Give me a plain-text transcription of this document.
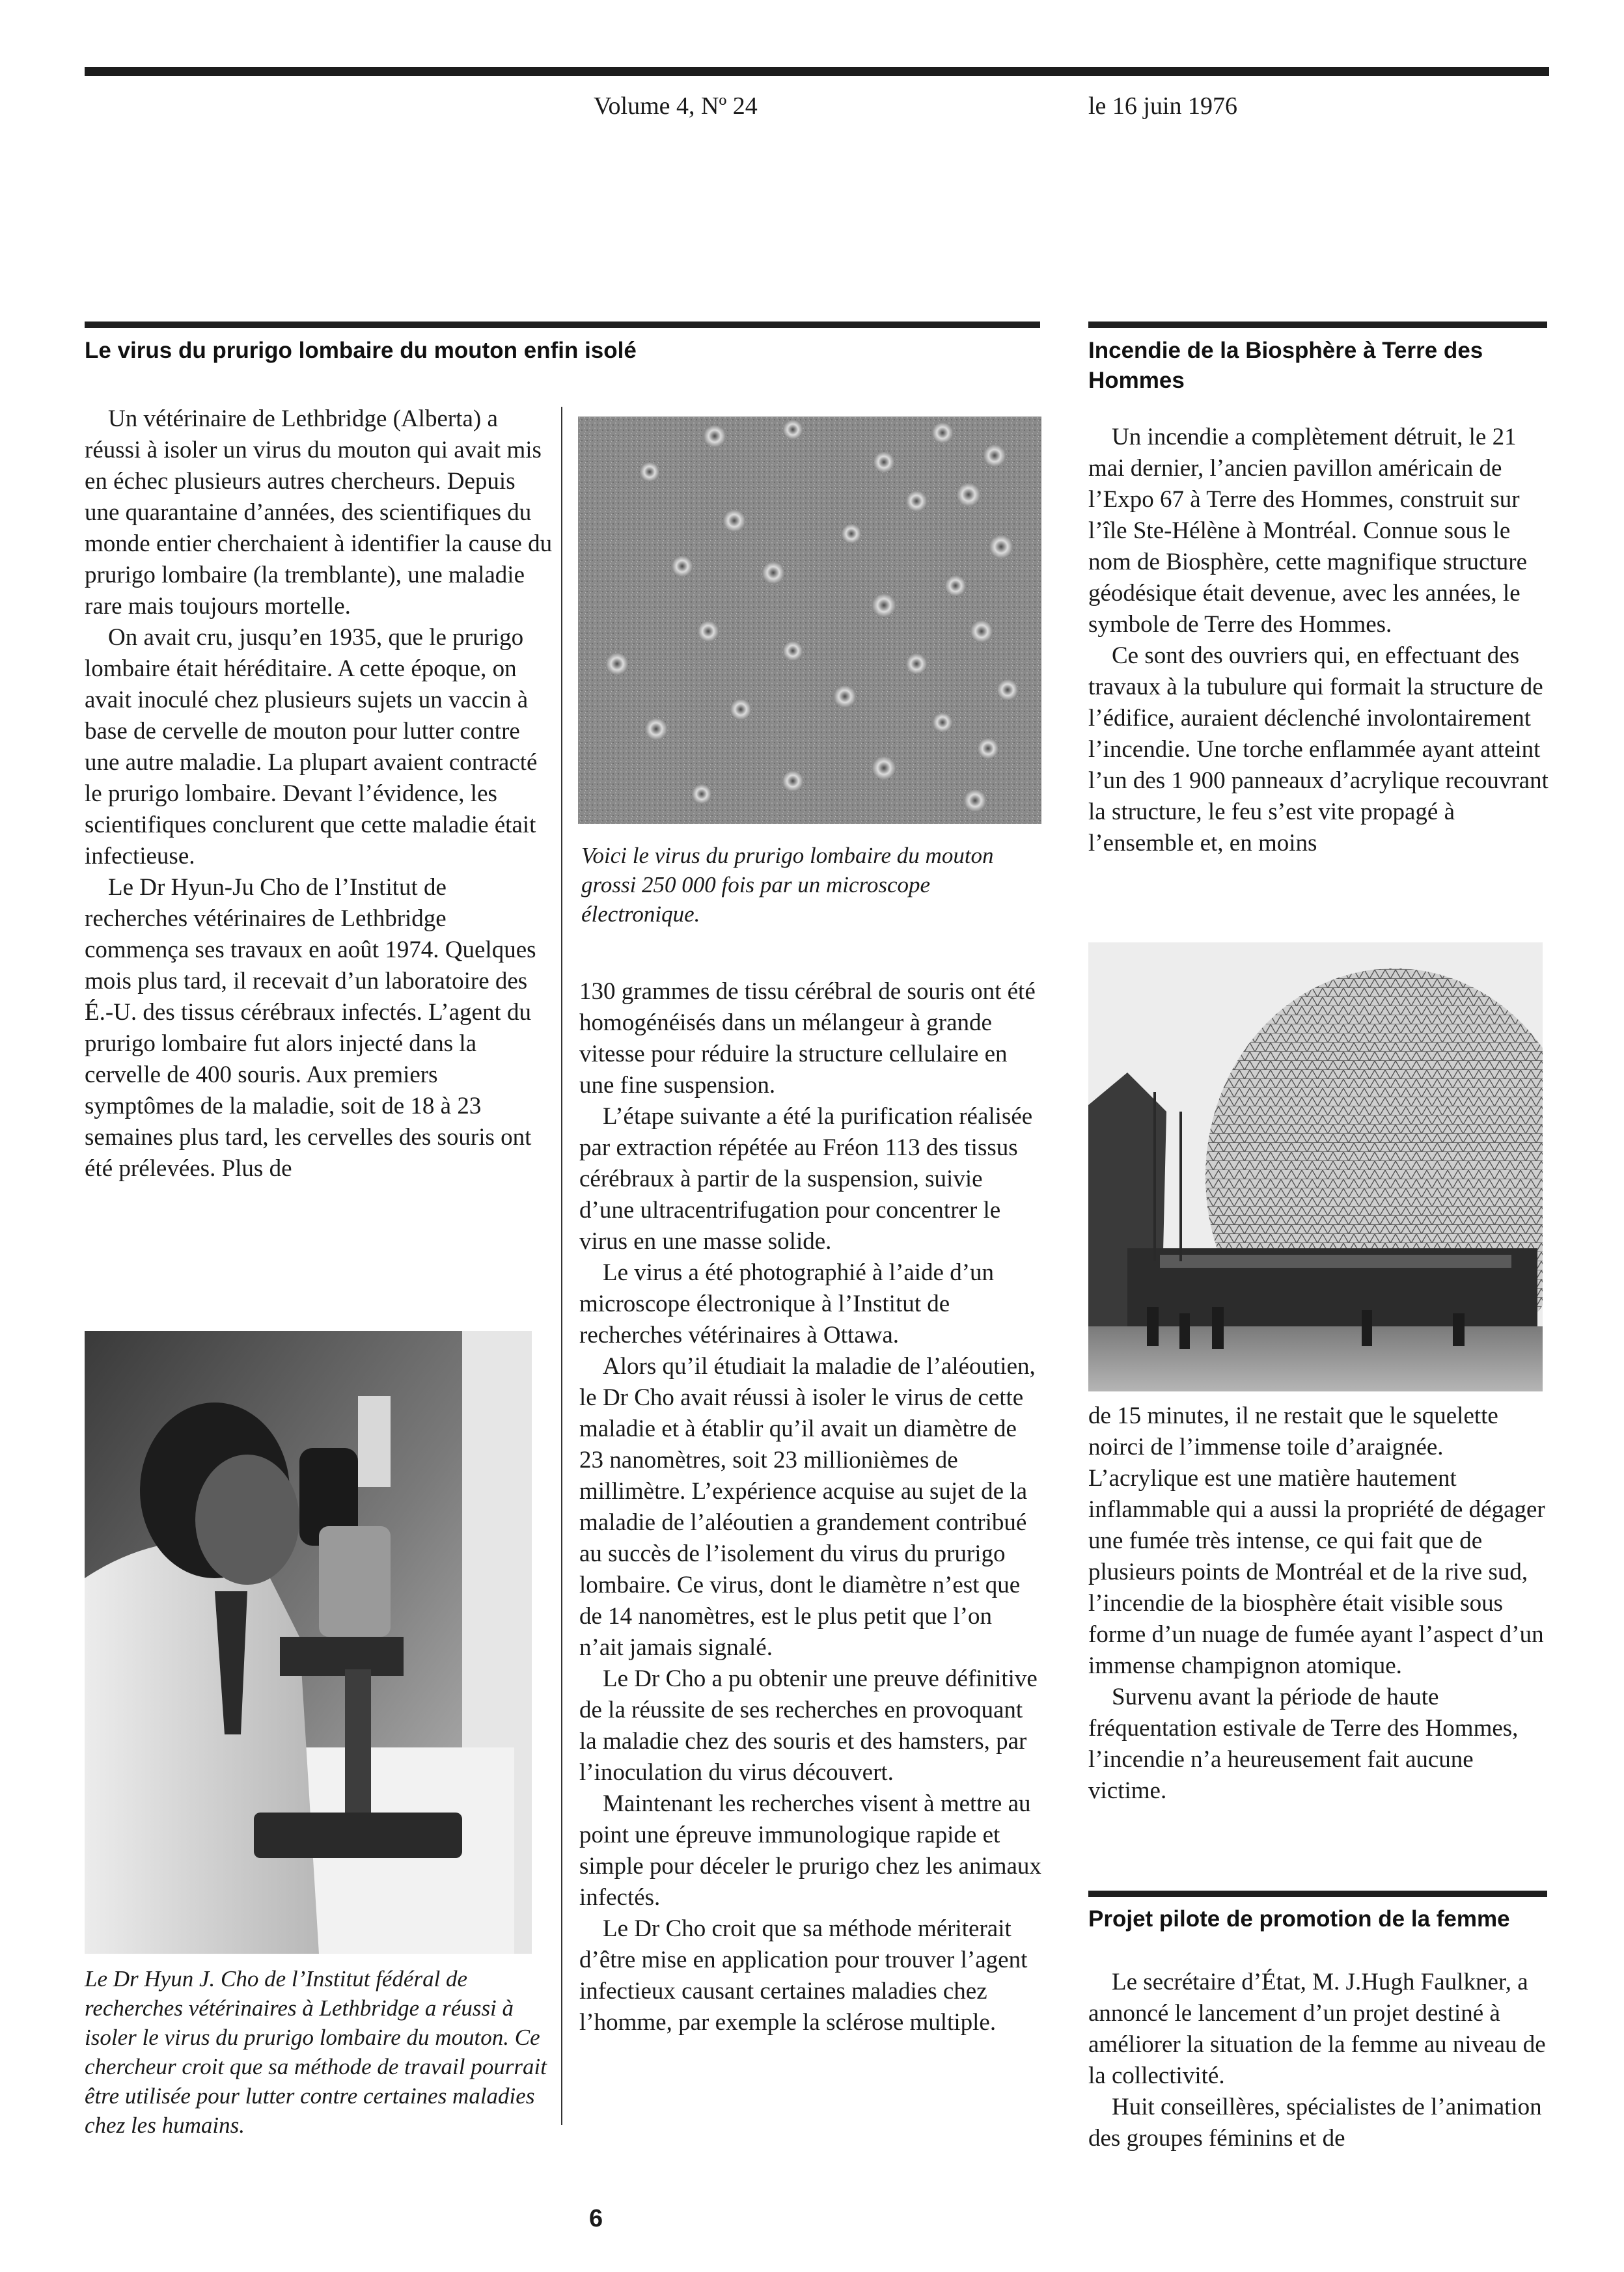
Volume 4, Nº 24	le 16 juin 1976
Le virus du prurigo lombaire du mouton enfin isolé

Un vétérinaire de Lethbridge (Alberta) a réussi à isoler un virus du mouton qui avait mis en échec plusieurs autres chercheurs. Depuis une quarantaine d’années, des scientifiques du monde entier cherchaient à identifier la cause du prurigo lombaire (la tremblante), une maladie rare mais toujours mortelle.

On avait cru, jusqu’en 1935, que le prurigo lombaire était héréditaire. A cette époque, on avait inoculé chez plusieurs sujets un vaccin à base de cervelle de mouton pour lutter contre une autre maladie. La plupart avaient contracté le prurigo lombaire. Devant l’évidence, les scientifiques conclurent que cette maladie était infectieuse.

Le Dr Hyun-Ju Cho de l’Institut de recherches vétérinaires de Lethbridge commença ses travaux en août 1974. Quelques mois plus tard, il recevait d’un laboratoire des É.-U. des tissus cérébraux infectés. L’agent du prurigo lombaire fut alors injecté dans la cervelle de 400 souris. Aux premiers symptômes de la maladie, soit de 18 à 23 semaines plus tard, les cervelles des souris ont été prélevées. Plus de

Voici le virus du prurigo lombaire du mouton grossi 250 000 fois par un microscope électronique.

130 grammes de tissu cérébral de souris ont été homogénéisés dans un mélangeur à grande vitesse pour réduire la structure cellulaire en une fine suspension.

L’étape suivante a été la purification réalisée par extraction répétée au Fréon 113 des tissus cérébraux à partir de la suspension, suivie d’une ultracentrifugation pour concentrer le virus en une masse solide.

Le virus a été photographié à l’aide d’un microscope électronique à l’Institut de recherches vétérinaires à Ottawa.

Alors qu’il étudiait la maladie de l’aléoutien, le Dr Cho avait réussi à isoler le virus de cette maladie et à établir qu’il avait un diamètre de 23 nanomètres, soit 23 millionièmes de millimètre. L’expérience acquise au sujet de la maladie de l’aléoutien a grandement contribué au succès de l’isolement du virus du prurigo lombaire. Ce virus, dont le diamètre n’est que de 14 nanomètres, est le plus petit que l’on n’ait jamais signalé.

Le Dr Cho a pu obtenir une preuve définitive de la réussite de ses recherches en provoquant la maladie chez des souris et des hamsters, par l’inoculation du virus découvert.

Maintenant les recherches visent à mettre au point une épreuve immunologique rapide et simple pour déceler le prurigo chez les animaux infectés.

Le Dr Cho croit que sa méthode mériterait d’être mise en application pour trouver l’agent infectieux causant certaines maladies chez l’homme, par exemple la sclérose multiple.

Le Dr Hyun J. Cho de l’Institut fédéral de recherches vétérinaires à Lethbridge a réussi à isoler le virus du prurigo lombaire du mouton. Ce chercheur croit que sa méthode de travail pourrait être utilisée pour lutter contre certaines maladies chez les humains.
Incendie de la Biosphère à Terre des Hommes

Un incendie a complètement détruit, le 21 mai dernier, l’ancien pavillon américain de l’Expo 67 à Terre des Hommes, construit sur l’île Ste-Hélène à Montréal. Connue sous le nom de Biosphère, cette magnifique structure géodésique était devenue, avec les années, le symbole de Terre des Hommes.

Ce sont des ouvriers qui, en effectuant des travaux à la tubulure qui formait la structure de l’édifice, auraient déclenché involontairement l’incendie. Une torche enflammée ayant atteint l’un des 1 900 panneaux d’acrylique recouvrant la structure, le feu s’est vite propagé à l’ensemble et, en moins

de 15 minutes, il ne restait que le squelette noirci de l’immense toile d’araignée. L’acrylique est une matière hautement inflammable qui a aussi la propriété de dégager une fumée très intense, ce qui fait que de plusieurs points de Montréal et de la rive sud, l’incendie de la biosphère était visible sous forme d’un nuage de fumée ayant l’aspect d’un immense champignon atomique.

Survenu avant la période de haute fréquentation estivale de Terre des Hommes, l’incendie n’a heureusement fait aucune victime.

Projet pilote de promotion de la femme

Le secrétaire d’État, M. J.Hugh Faulkner, a annoncé le lancement d’un projet destiné à améliorer la situation de la femme au niveau de la collectivité.

Huit conseillères, spécialistes de l’animation des groupes féminins et de

6
